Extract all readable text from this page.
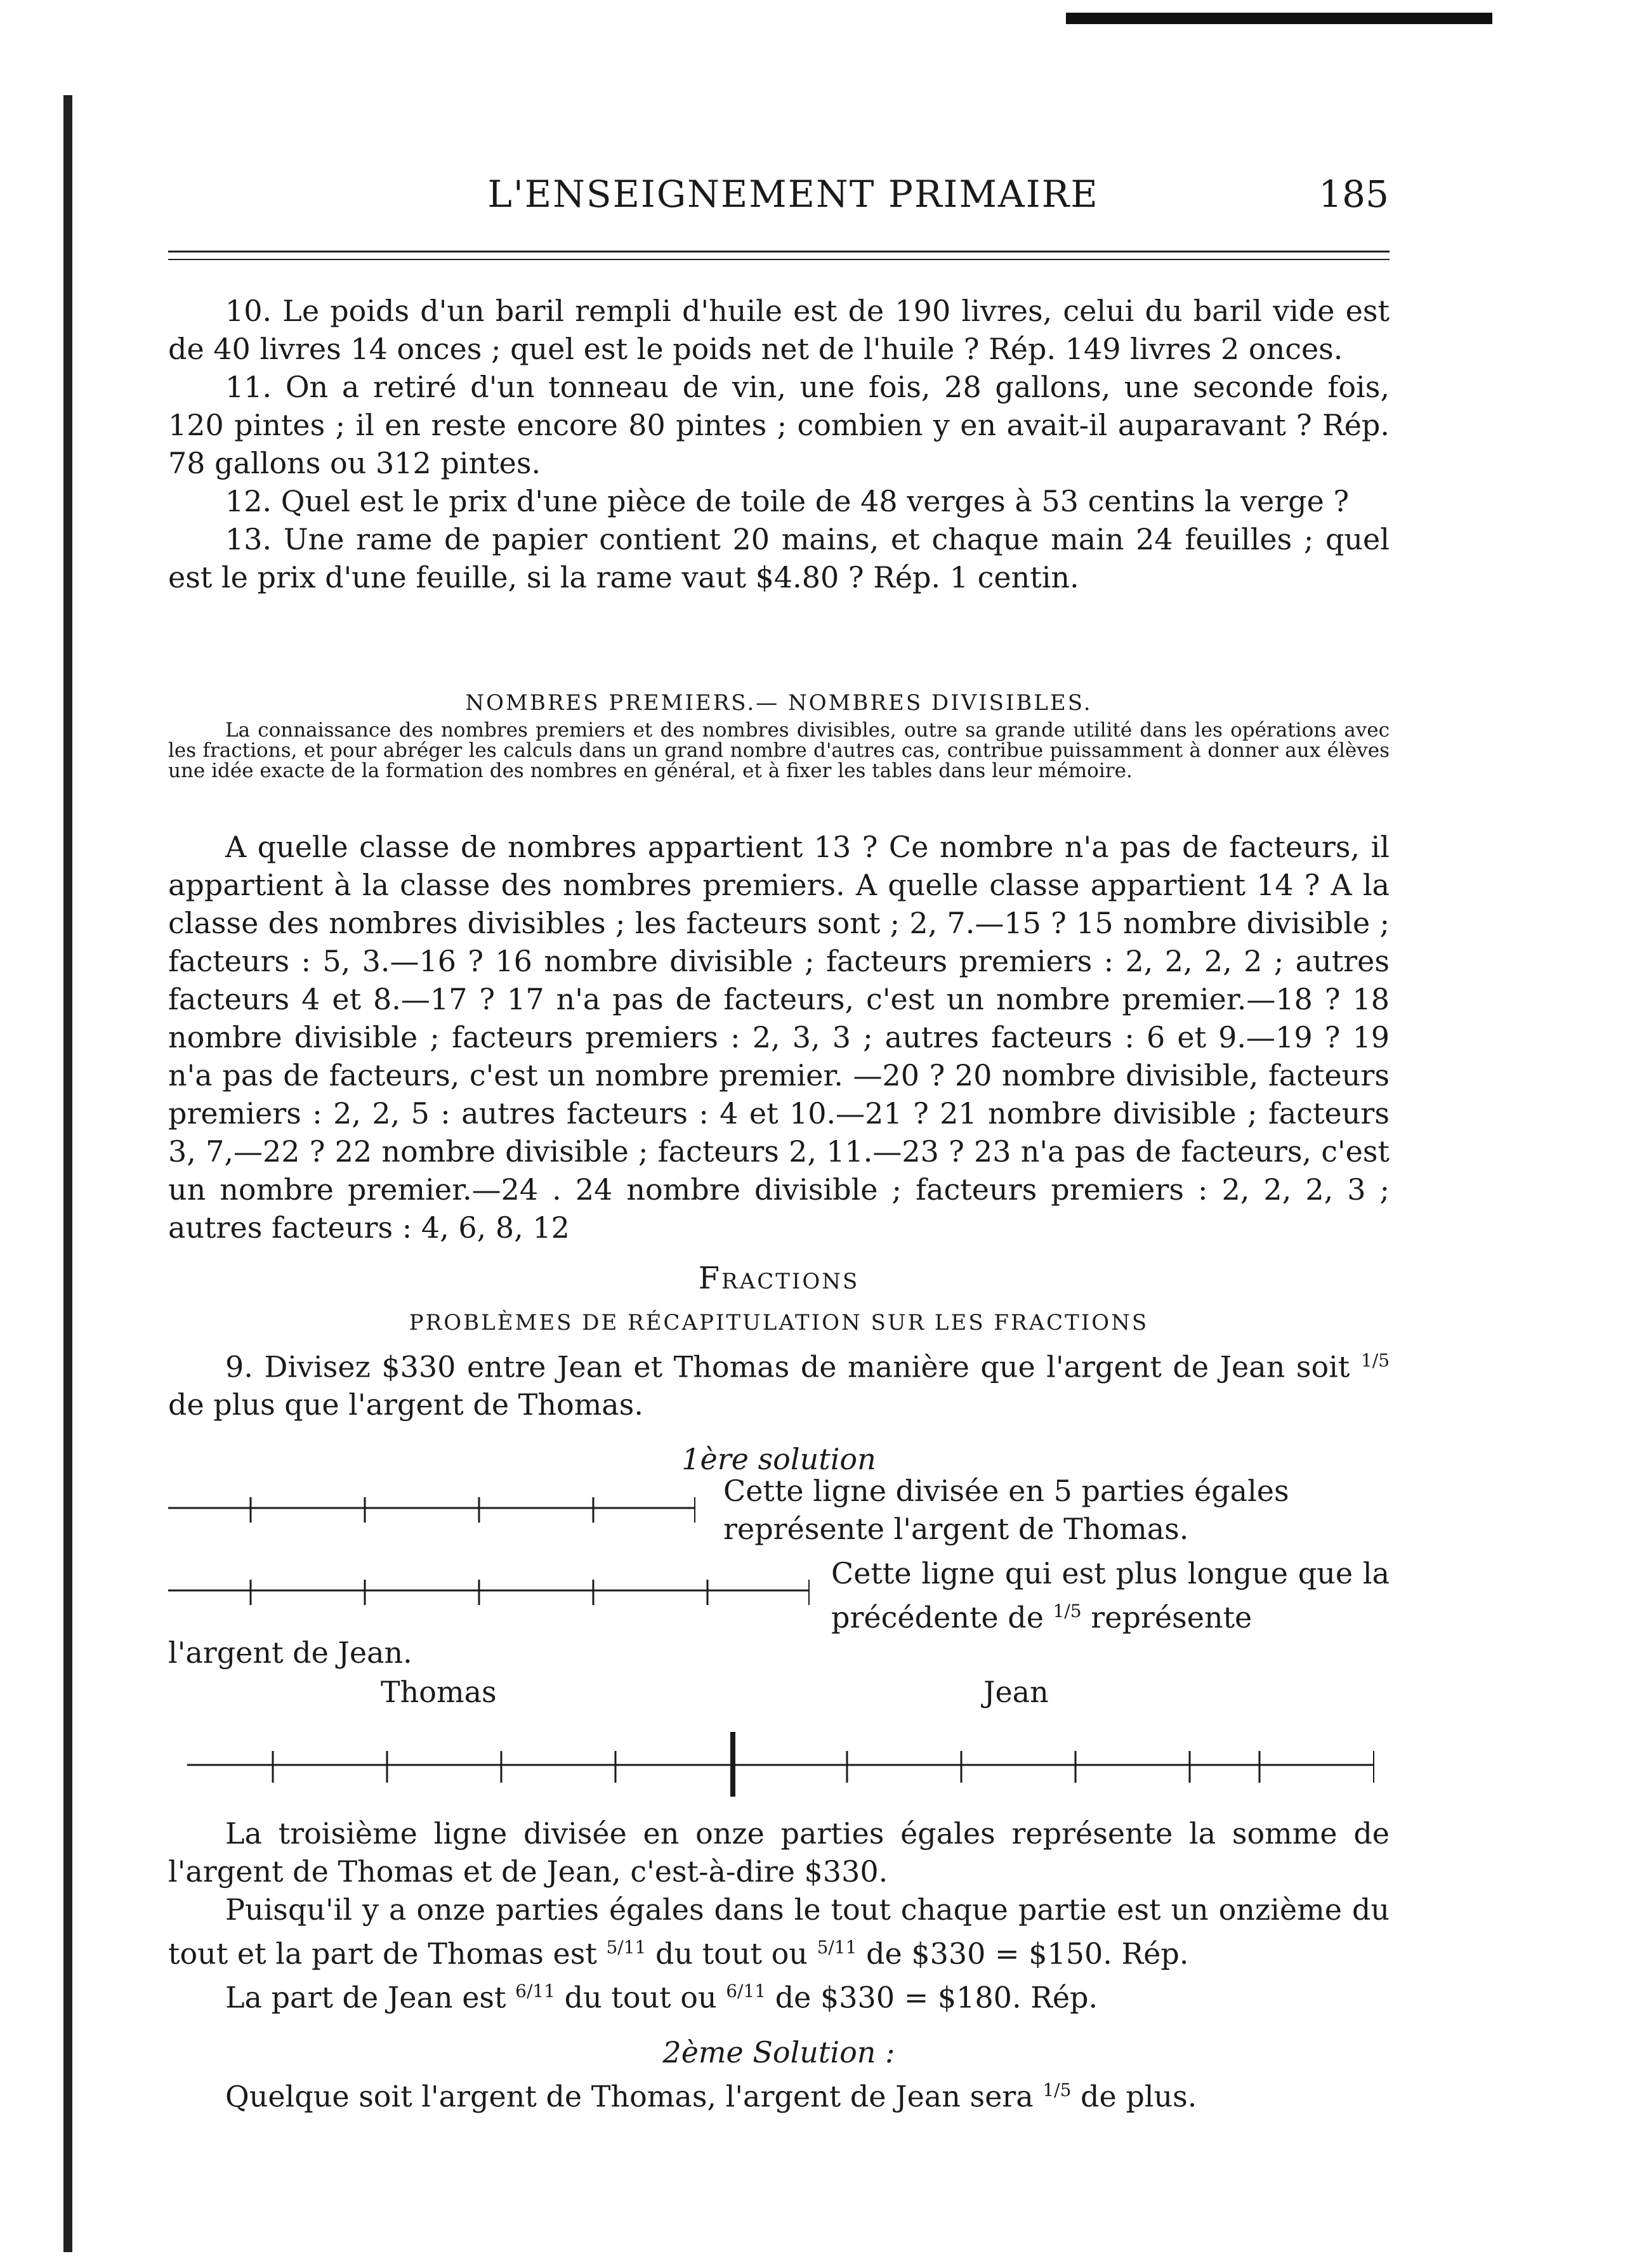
L'ENSEIGNEMENT PRIMAIRE	185

10. Le poids d'un baril rempli d'huile est de 190 livres, celui du baril vide est de 40 livres 14 onces ; quel est le poids net de l'huile ? Rép. 149 livres 2 onces.

11. On a retiré d'un tonneau de vin, une fois, 28 gallons, une seconde fois, 120 pintes ; il en reste encore 80 pintes ; combien y en avait-il auparavant ? Rép. 78 gallons ou 312 pintes.

12. Quel est le prix d'une pièce de toile de 48 verges à 53 centins la verge ?

13. Une rame de papier contient 20 mains, et chaque main 24 feuilles ; quel est le prix d'une feuille, si la rame vaut $4.80 ? Rép. 1 centin.

NOMBRES PREMIERS.— NOMBRES DIVISIBLES.

La connaissance des nombres premiers et des nombres divisibles, outre sa grande utilité dans les opérations avec les fractions, et pour abréger les calculs dans un grand nombre d'autres cas, contribue puissamment à donner aux élèves une idée exacte de la formation des nombres en général, et à fixer les tables dans leur mémoire.

A quelle classe de nombres appartient 13 ? Ce nombre n'a pas de facteurs, il appartient à la classe des nombres premiers. A quelle classe appartient 14 ? A la classe des nombres divisibles ; les facteurs sont ; 2, 7.—15 ? 15 nombre divisible ; facteurs : 5, 3.—16 ? 16 nombre divisible ; facteurs premiers : 2, 2, 2, 2 ; autres facteurs 4 et 8.—17 ? 17 n'a pas de facteurs, c'est un nombre premier.—18 ? 18 nombre divisible ; facteurs premiers : 2, 3, 3 ; autres facteurs : 6 et 9.—19 ? 19 n'a pas de facteurs, c'est un nombre premier. —20 ? 20 nombre divisible, facteurs premiers : 2, 2, 5 : autres facteurs : 4 et 10.—21 ? 21 nombre divisible ; facteurs 3, 7,—22 ? 22 nombre divisible ; facteurs 2, 11.—23 ? 23 n'a pas de facteurs, c'est un nombre premier.—24 . 24 nombre divisible ; facteurs premiers : 2, 2, 2, 3 ; autres facteurs : 4, 6, 8, 12

Fractions
PROBLÈMES DE RÉCAPITULATION SUR LES FRACTIONS

9. Divisez $330 entre Jean et Thomas de manière que l'argent de Jean soit $^{1/5}$ de plus que l'argent de Thomas.

1ère solution
Cette ligne divisée en 5 parties égales représente l'argent de Thomas.
Cette ligne qui est plus longue que la précédente de $^{1/5}$ représente
l'argent de Jean.
Thomas	Jean

La troisième ligne divisée en onze parties égales représente la somme de l'argent de Thomas et de Jean, c'est-à-dire $330.

Puisqu'il y a onze parties égales dans le tout chaque partie est un onzième du tout et la part de Thomas est $^{5/11}$ du tout ou $^{5/11}$ de $330 = $150. Rép.

La part de Jean est $^{6/11}$ du tout ou $^{6/11}$ de $330 = $180. Rép.

2ème Solution :

Quelque soit l'argent de Thomas, l'argent de Jean sera $^{1/5}$ de plus.
